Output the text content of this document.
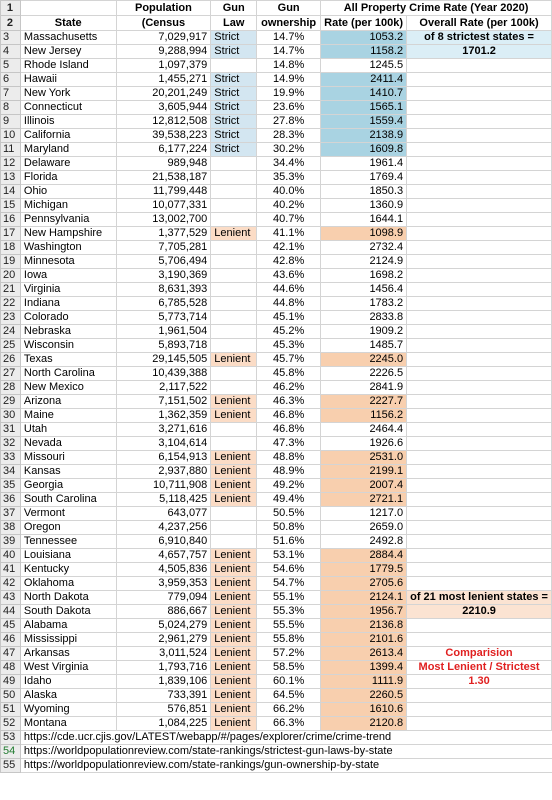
1		Population	Gun	Gun	All Property Crime Rate (Year 2020)	
2	State	(Census	Law	ownership	Rate (per 100k)	Overall Rate (per 100k)
3	Massachusetts	7,029,917	Strict	14.7%	1053.2	of 8 strictest states =
4	New Jersey	9,288,994	Strict	14.7%	1158.2	1701.2
5	Rhode Island	1,097,379		14.8%	1245.5	
6	Hawaii	1,455,271	Strict	14.9%	2411.4	
7	New York	20,201,249	Strict	19.9%	1410.7	
8	Connecticut	3,605,944	Strict	23.6%	1565.1	
9	Illinois	12,812,508	Strict	27.8%	1559.4	
10	California	39,538,223	Strict	28.3%	2138.9	
11	Maryland	6,177,224	Strict	30.2%	1609.8	
12	Delaware	989,948		34.4%	1961.4	
13	Florida	21,538,187		35.3%	1769.4	
14	Ohio	11,799,448		40.0%	1850.3	
15	Michigan	10,077,331		40.2%	1360.9	
16	Pennsylvania	13,002,700		40.7%	1644.1	
17	New Hampshire	1,377,529	Lenient	41.1%	1098.9	
18	Washington	7,705,281		42.1%	2732.4	
19	Minnesota	5,706,494		42.8%	2124.9	
20	Iowa	3,190,369		43.6%	1698.2	
21	Virginia	8,631,393		44.6%	1456.4	
22	Indiana	6,785,528		44.8%	1783.2	
23	Colorado	5,773,714		45.1%	2833.8	
24	Nebraska	1,961,504		45.2%	1909.2	
25	Wisconsin	5,893,718		45.3%	1485.7	
26	Texas	29,145,505	Lenient	45.7%	2245.0	
27	North Carolina	10,439,388		45.8%	2226.5	
28	New Mexico	2,117,522		46.2%	2841.9	
29	Arizona	7,151,502	Lenient	46.3%	2227.7	
30	Maine	1,362,359	Lenient	46.8%	1156.2	
31	Utah	3,271,616		46.8%	2464.4	
32	Nevada	3,104,614		47.3%	1926.6	
33	Missouri	6,154,913	Lenient	48.8%	2531.0	
34	Kansas	2,937,880	Lenient	48.9%	2199.1	
35	Georgia	10,711,908	Lenient	49.2%	2007.4	
36	South Carolina	5,118,425	Lenient	49.4%	2721.1	
37	Vermont	643,077		50.5%	1217.0	
38	Oregon	4,237,256		50.8%	2659.0	
39	Tennessee	6,910,840		51.6%	2492.8	
40	Louisiana	4,657,757	Lenient	53.1%	2884.4	
41	Kentucky	4,505,836	Lenient	54.6%	1779.5	
42	Oklahoma	3,959,353	Lenient	54.7%	2705.6	
43	North Dakota	779,094	Lenient	55.1%	2124.1	of 21 most lenient states =
44	South Dakota	886,667	Lenient	55.3%	1956.7	2210.9
45	Alabama	5,024,279	Lenient	55.5%	2136.8	
46	Mississippi	2,961,279	Lenient	55.8%	2101.6	
47	Arkansas	3,011,524	Lenient	57.2%	2613.4	Comparision
48	West Virginia	1,793,716	Lenient	58.5%	1399.4	Most Lenient / Strictest
49	Idaho	1,839,106	Lenient	60.1%	1111.9	1.30
50	Alaska	733,391	Lenient	64.5%	2260.5	
51	Wyoming	576,851	Lenient	66.2%	1610.6	
52	Montana	1,084,225	Lenient	66.3%	2120.8	
53	https://cde.ucr.cjis.gov/LATEST/webapp/#/pages/explorer/crime/crime-trend					
54	https://worldpopulationreview.com/state-rankings/strictest-gun-laws-by-state					
55	https://worldpopulationreview.com/state-rankings/gun-ownership-by-state					
